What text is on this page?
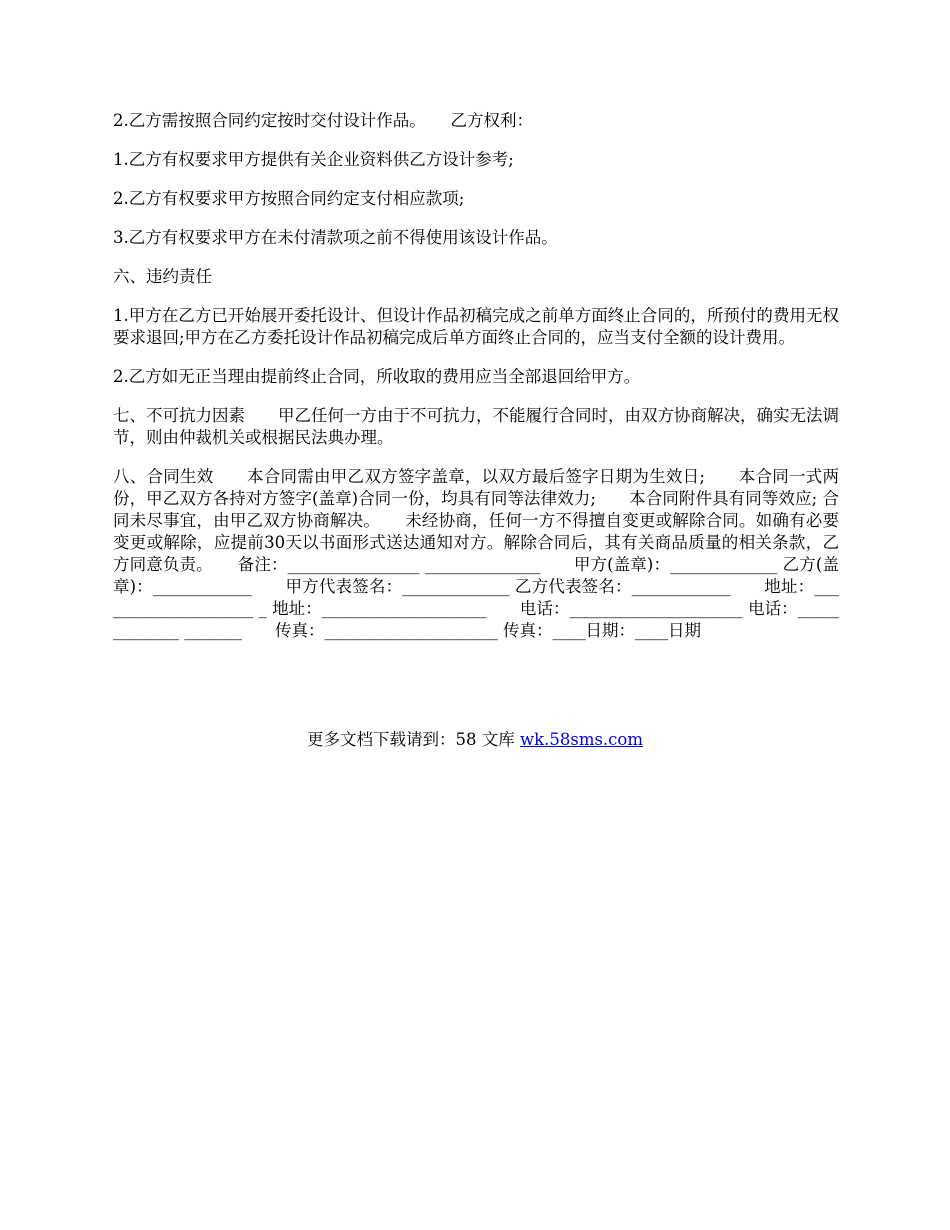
2.乙方需按照合同约定按时交付设计作品。　　乙方权利：

1.乙方有权要求甲方提供有关企业资料供乙方设计参考;

2.乙方有权要求甲方按照合同约定支付相应款项;

3.乙方有权要求甲方在未付清款项之前不得使用该设计作品。

六、违约责任

1.甲方在乙方已开始展开委托设计、但设计作品初稿完成之前单方面终止合同的，所预付的费用无权要求退回;甲方在乙方委托设计作品初稿完成后单方面终止合同的，应当支付全额的设计费用。

2.乙方如无正当理由提前终止合同，所收取的费用应当全部退回给甲方。

七、不可抗力因素　　甲乙任何一方由于不可抗力，不能履行合同时，由双方协商解决，确实无法调节，则由仲裁机关或根据民法典办理。

八、合同生效　　本合同需由甲乙双方签字盖章，以双方最后签字日期为生效日;　　本合同一式两份，甲乙双方各持对方签字(盖章)合同一份，均具有同等法律效力;　　本合同附件具有同等效应; 合同未尽事宜，由甲乙双方协商解决。　　未经协商，任何一方不得擅自变更或解除合同。如确有必要变更或解除，应提前30天以书面形式送达通知对方。解除合同后，其有关商品质量的相关条款，乙方同意负责。　　备注：________________ ______________　　甲方(盖章)：_____________ 乙方(盖章)：____________　　甲方代表签名：_____________ 乙方代表签名：____________　　地址：____________________ _ 地址：____________________　　电话：_____________________ 电话：_____________ _______　　传真：_____________________ 传真：____日期：____日期

更多文档下载请到：58 文库 wk.58sms.com
